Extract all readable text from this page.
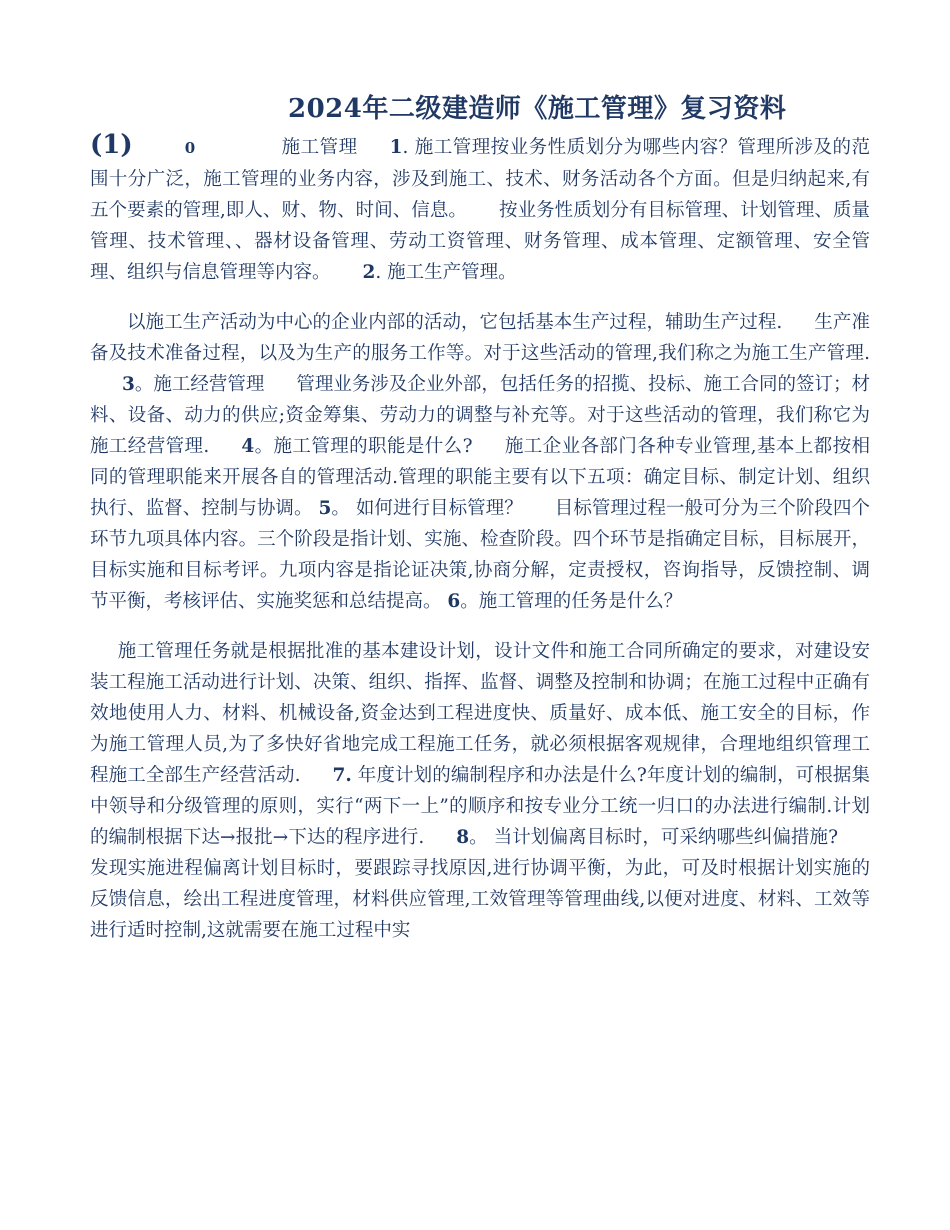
2024年二级建造师《施工管理》复习资料

(1)	0	施工管理 1. 施工管理按业务性质划分为哪些内容？管理所涉及的范围十分广泛，施工管理的业务内容，涉及到施工、技术、财务活动各个方面。但是归纳起来,有五个要素的管理,即人、财、物、时间、信息。 按业务性质划分有目标管理、计划管理、质量管理、技术管理、、器材设备管理、劳动工资管理、财务管理、成本管理、定额管理、安全管理、组织与信息管理等内容。 2. 施工生产管理。

以施工生产活动为中心的企业内部的活动，它包括基本生产过程，辅助生产过程. 生产准备及技术准备过程，以及为生产的服务工作等。对于这些活动的管理,我们称之为施工生产管理.3。施工经营管理 管理业务涉及企业外部，包括任务的招揽、投标、施工合同的签订；材料、设备、动力的供应;资金筹集、劳动力的调整与补充等。对于这些活动的管理，我们称它为施工经营管理. 4。施工管理的职能是什么? 施工企业各部门各种专业管理,基本上都按相同的管理职能来开展各自的管理活动.管理的职能主要有以下五项：确定目标、制定计划、组织执行、监督、控制与协调。 5。 如何进行目标管理？ 目标管理过程一般可分为三个阶段四个环节九项具体内容。三个阶段是指计划、实施、检查阶段。四个环节是指确定目标，目标展开，目标实施和目标考评。九项内容是指论证决策,协商分解，定责授权，咨询指导，反馈控制、调节平衡，考核评估、实施奖惩和总结提高。 6。施工管理的任务是什么？

施工管理任务就是根据批准的基本建设计划，设计文件和施工合同所确定的要求，对建设安装工程施工活动进行计划、决策、组织、指挥、监督、调整及控制和协调；在施工过程中正确有效地使用人力、材料、机械设备,资金达到工程进度快、质量好、成本低、施工安全的目标，作为施工管理人员,为了多快好省地完成工程施工任务，就必须根据客观规律，合理地组织管理工程施工全部生产经营活动. 7. 年度计划的编制程序和办法是什么?年度计划的编制，可根据集中领导和分级管理的原则，实行“两下一上”的顺序和按专业分工统一归口的办法进行编制.计划的编制根据下达→报批→下达的程序进行. 8。 当计划偏离目标时，可采纳哪些纠偏措施?发现实施进程偏离计划目标时，要跟踪寻找原因,进行协调平衡，为此，可及时根据计划实施的反馈信息，绘出工程进度管理，材料供应管理,工效管理等管理曲线,以便对进度、材料、工效等进行适时控制,这就需要在施工过程中实
